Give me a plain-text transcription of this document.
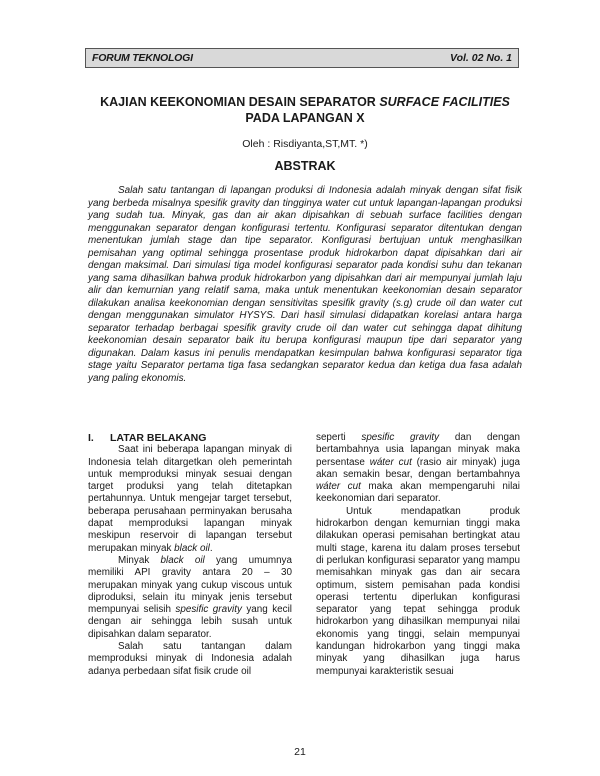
FORUM TEKNOLOGI	Vol. 02 No. 1
KAJIAN KEEKONOMIAN DESAIN SEPARATOR SURFACE FACILITIES
PADA LAPANGAN X
Oleh : Risdiyanta,ST,MT. *)
ABSTRAK

Salah satu tantangan di lapangan produksi di Indonesia adalah minyak dengan sifat fisik yang berbeda misalnya spesifik gravity dan tingginya water cut untuk lapangan-lapangan produksi yang sudah tua. Minyak, gas dan air akan dipisahkan di sebuah surface facilities dengan menggunakan separator dengan konfigurasi tertentu. Konfigurasi separator ditentukan dengan menentukan jumlah stage dan tipe separator. Konfigurasi bertujuan untuk menghasilkan pemisahan yang optimal sehingga prosentase produk hidrokarbon dapat dipisahkan dari air dengan maksimal. Dari simulasi tiga model konfigurasi separator pada kondisi suhu dan tekanan yang sama dihasilkan bahwa produk hidrokarbon yang dipisahkan dari air mempunyai jumlah laju alir dan kemurnian yang relatif sama, maka untuk menentukan keekonomian desain separator dilakukan analisa keekonomian dengan sensitivitas spesifik gravity (s.g) crude oil dan water cut dengan menggunakan simulator HYSYS. Dari hasil simulasi didapatkan korelasi antara harga separator terhadap berbagai spesifik gravity crude oil dan water cut sehingga dapat dihitung keekonomian desain separator baik itu berupa konfigurasi maupun tipe dari separator yang digunakan. Dalam kasus ini penulis mendapatkan kesimpulan bahwa konfigurasi separator tiga stage yaitu Separator pertama tiga fasa sedangkan separator kedua dan ketiga dua fasa adalah yang paling ekonomis.

I.	LATAR BELAKANG

Saat ini beberapa lapangan minyak di Indonesia telah ditargetkan oleh pemerintah untuk memproduksi minyak sesuai dengan target produksi yang telah ditetapkan pertahunnya. Untuk mengejar target tersebut, beberapa perusahaan perminyakan berusaha dapat memproduksi lapangan minyak meskipun reservoir di lapangan tersebut merupakan minyak black oil.

Minyak black oil yang umumnya memiliki API gravity antara 20 – 30 merupakan minyak yang cukup viscous untuk diproduksi, selain itu minyak jenis tersebut mempunyai selisih spesific gravity yang kecil dengan air sehingga lebih susah untuk dipisahkan dalam separator.

Salah satu tantangan dalam memproduksi minyak di Indonesia adalah adanya perbedaan sifat fisik crude oil

seperti spesific gravity dan dengan bertambahnya usia lapangan minyak maka persentase wáter cut (rasio air minyak) juga akan semakin besar, dengan bertambahnya wáter cut maka akan mempengaruhi nilai keekonomian dari separator.

Untuk mendapatkan produk hidrokarbon dengan kemurnian tinggi maka dilakukan operasi pemisahan bertingkat atau multi stage, karena itu dalam proses tersebut di perlukan konfigurasi separator yang mampu memisahkan minyak gas dan air secara optimum, sistem pemisahan pada kondisi operasi tertentu diperlukan konfigurasi separator yang tepat sehingga produk hidrokarbon yang dihasilkan mempunyai nilai ekonomis yang tinggi, selain mempunyai kandungan hidrokarbon yang tinggi maka minyak yang dihasilkan juga harus mempunyai karakteristik sesuai

21
